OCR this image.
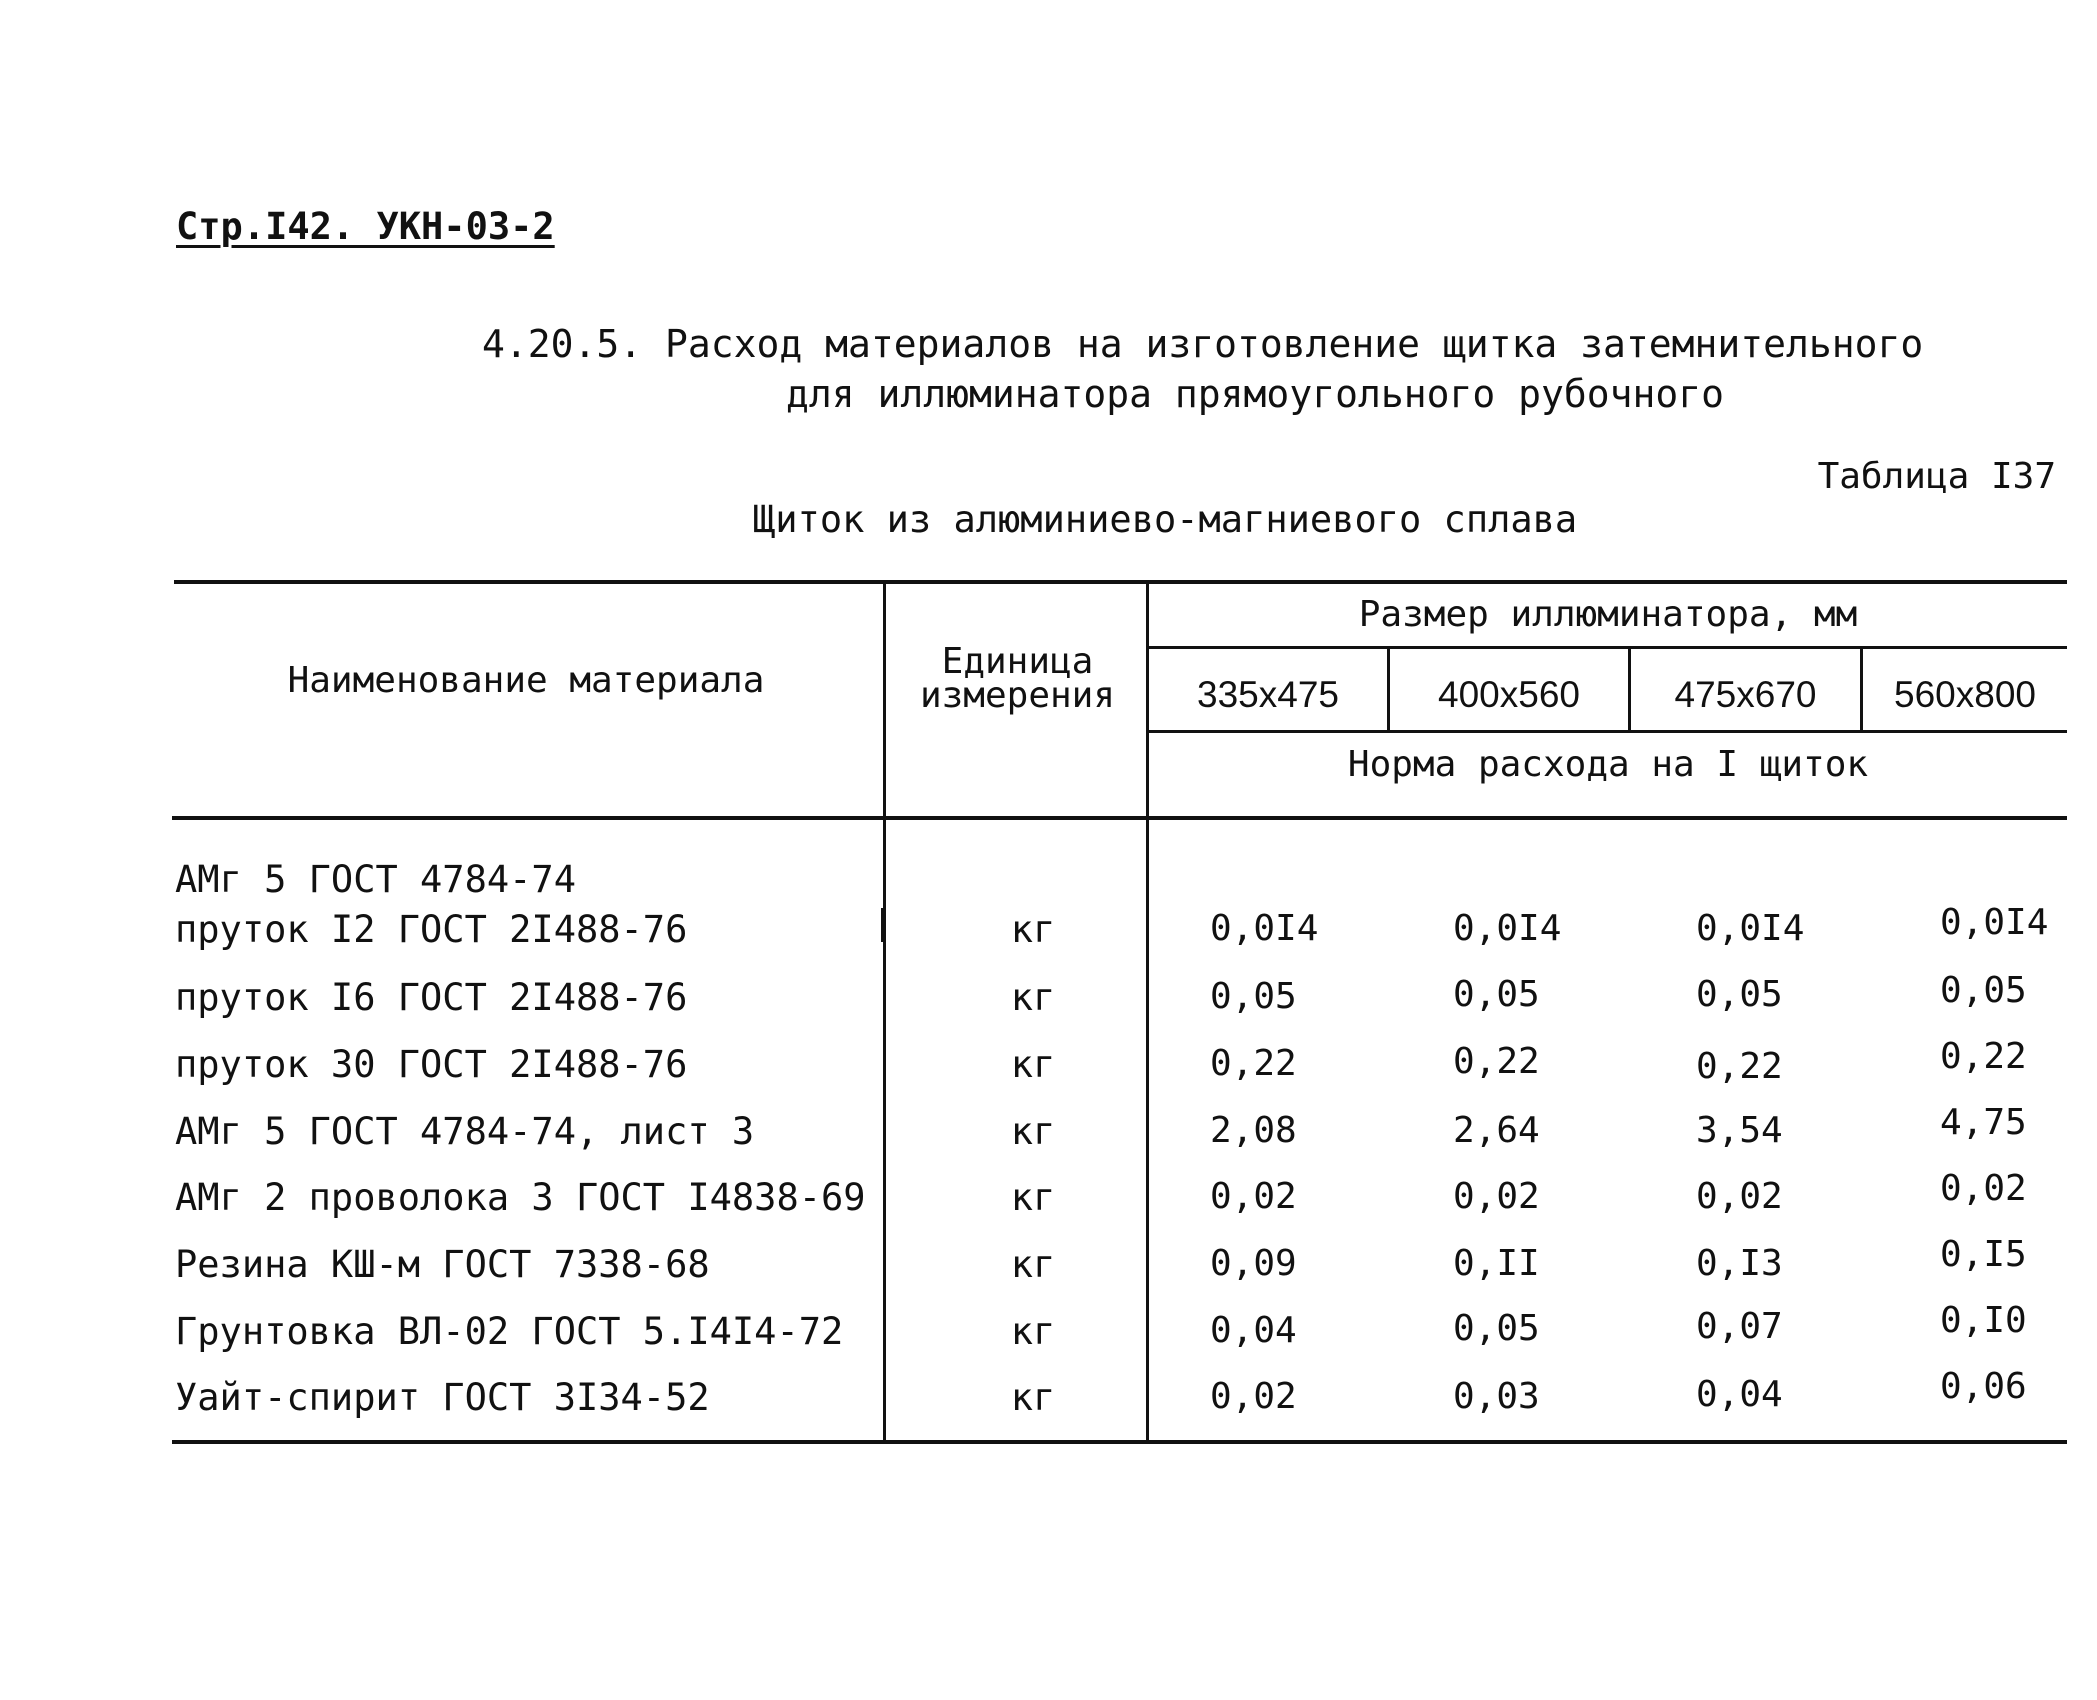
Стр.I42. УКН-03-2
4.20.5. Расход материалов на изготовление щитка затемнительного
для иллюминатора прямоугольного рубочного
Таблица I37
Щиток из алюминиево-магниевого сплава
Наименование материала	Единица
измерения
Размер иллюминатора, мм
335x475	400x560	475x670	560x800
Норма расхода на I щиток
АМг 5 ГОСТ 4784-74
пруток I2 ГОСТ 2I488-76	кг	0,0I4	0,0I4	0,0I4	0,0I4
пруток I6 ГОСТ 2I488-76	кг	0,05	0,05	0,05	0,05
пруток 30 ГОСТ 2I488-76	кг	0,22	0,22	0,22	0,22
АМг 5 ГОСТ 4784-74, лист 3	кг	2,08	2,64	3,54	4,75
АМг 2 проволока 3 ГОСТ I4838-69	кг	0,02	0,02	0,02	0,02
Резина КШ-м ГОСТ 7338-68	кг	0,09	0,II	0,I3	0,I5
Грунтовка ВЛ-02 ГОСТ 5.I4I4-72	кг	0,04	0,05	0,07	0,I0
Уайт-спирит ГОСТ 3I34-52	кг	0,02	0,03	0,04	0,06
